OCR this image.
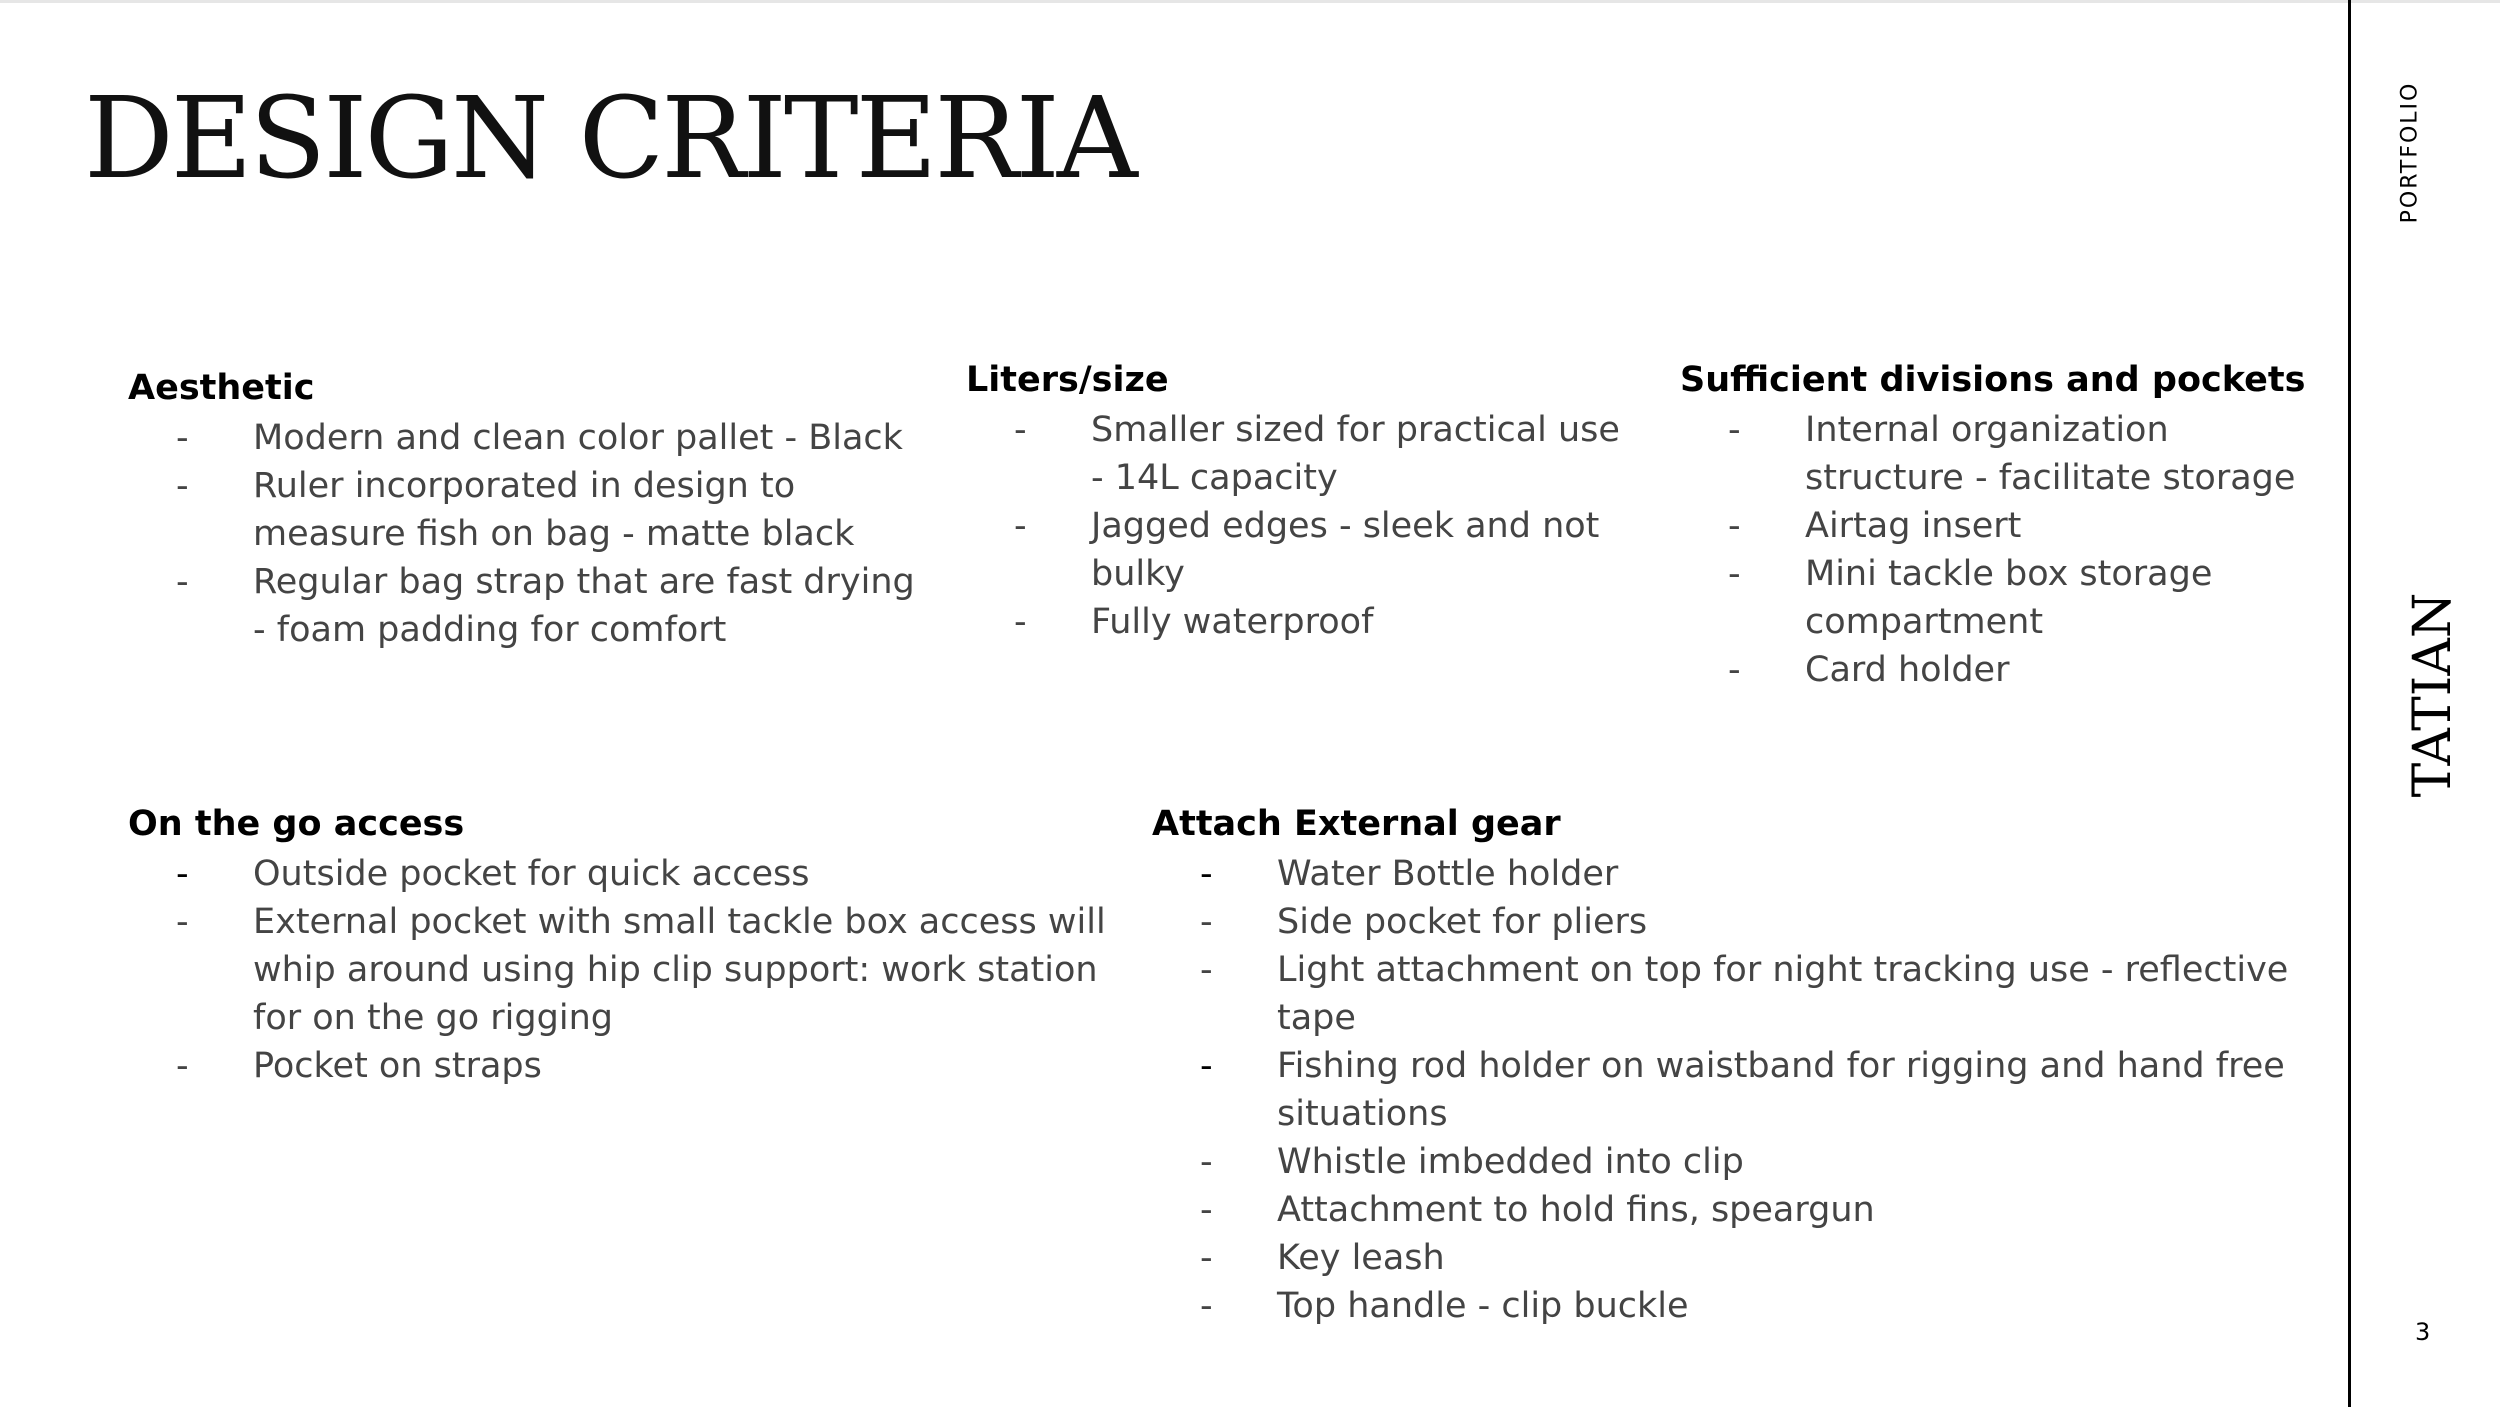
DESIGN CRITERIA
Aesthetic
- Modern and clean color pallet - Black
- Ruler incorporated in design to measure fish on bag - matte black
- Regular bag strap that are fast drying - foam padding for comfort
Liters/size
- Smaller sized for practical use - 14L capacity
- Jagged edges - sleek and not bulky
- Fully waterproof
Sufficient divisions and pockets
- Internal organization structure - facilitate storage
- Airtag insert
- Mini tackle box storage compartment
- Card holder
On the go access
- Outside pocket for quick access
- External pocket with small tackle box access will whip around using hip clip support: work station for on the go rigging
- Pocket on straps
Attach External gear
- Water Bottle holder
- Side pocket for pliers
- Light attachment on top for night tracking use - reflective tape
- Fishing rod holder on waistband for rigging and hand free situations
- Whistle imbedded into clip
- Attachment to hold fins, speargun
- Key leash
- Top handle - clip buckle
PORTFOLIO
TATIAN
3
